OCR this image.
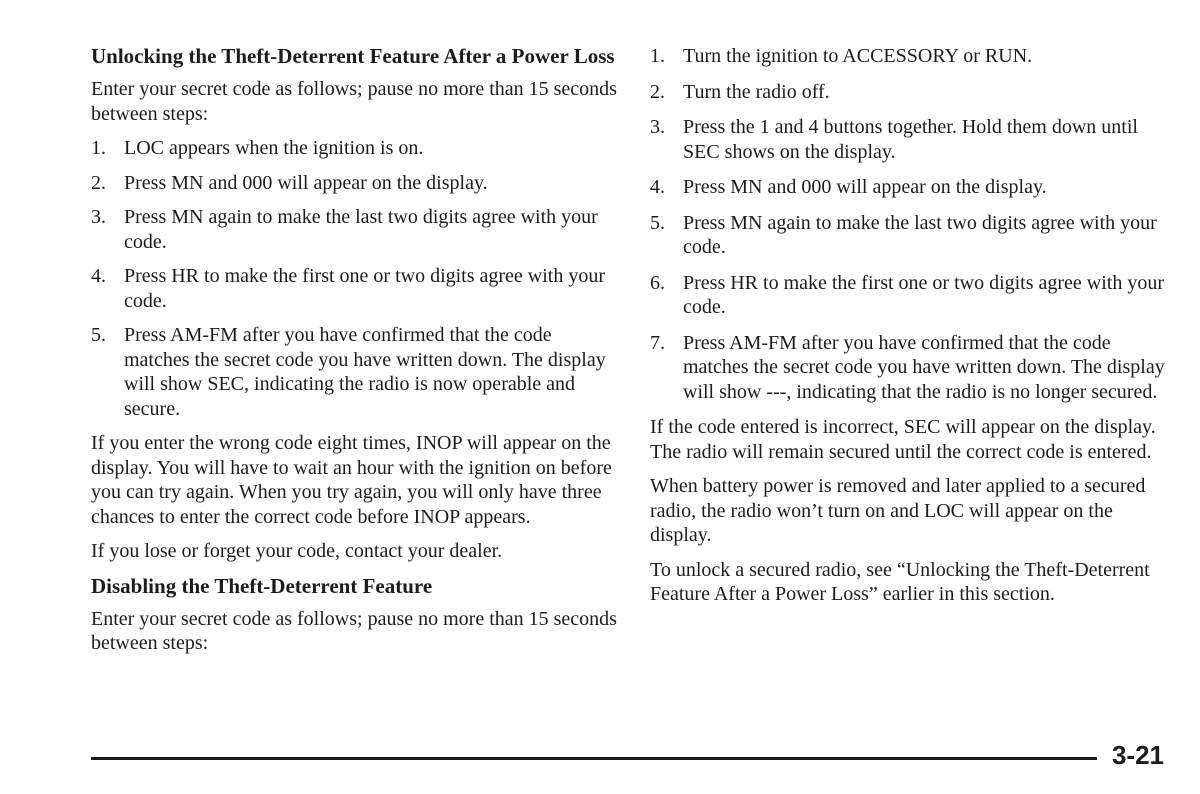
Unlocking the Theft-Deterrent Feature After a Power Loss

Enter your secret code as follows; pause no more than 15 seconds between steps:

1. LOC appears when the ignition is on.
2. Press MN and 000 will appear on the display.
3. Press MN again to make the last two digits agree with your code.
4. Press HR to make the first one or two digits agree with your code.
5. Press AM-FM after you have confirmed that the code matches the secret code you have written down. The display will show SEC, indicating the radio is now operable and secure.

If you enter the wrong code eight times, INOP will appear on the display. You will have to wait an hour with the ignition on before you can try again. When you try again, you will only have three chances to enter the correct code before INOP appears.

If you lose or forget your code, contact your dealer.

Disabling the Theft-Deterrent Feature

Enter your secret code as follows; pause no more than 15 seconds between steps:

1. Turn the ignition to ACCESSORY or RUN.
2. Turn the radio off.
3. Press the 1 and 4 buttons together. Hold them down until SEC shows on the display.
4. Press MN and 000 will appear on the display.
5. Press MN again to make the last two digits agree with your code.
6. Press HR to make the first one or two digits agree with your code.
7. Press AM-FM after you have confirmed that the code matches the secret code you have written down. The display will show ---, indicating that the radio is no longer secured.

If the code entered is incorrect, SEC will appear on the display. The radio will remain secured until the correct code is entered.

When battery power is removed and later applied to a secured radio, the radio won’t turn on and LOC will appear on the display.

To unlock a secured radio, see “Unlocking the Theft-Deterrent Feature After a Power Loss” earlier in this section.

3-21
